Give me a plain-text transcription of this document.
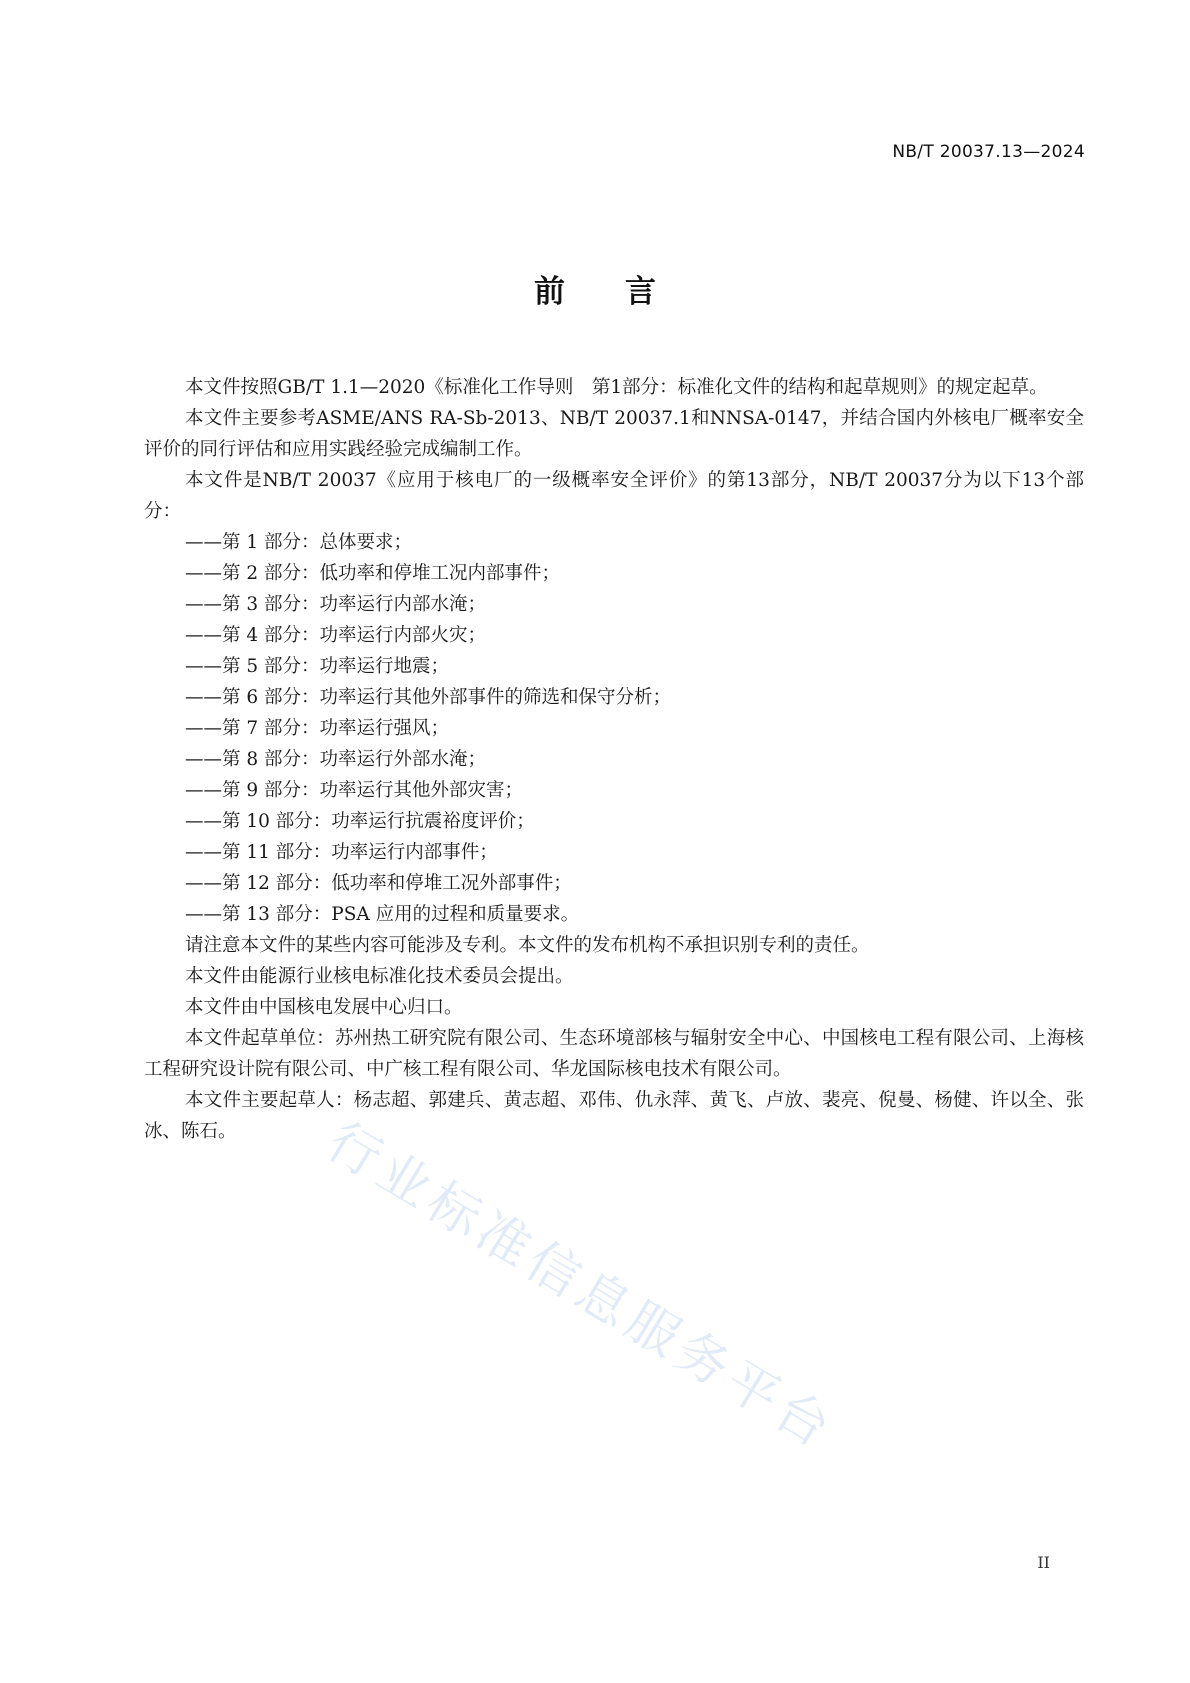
NB/T 20037.13—2024
前言

本文件按照GB/T 1.1—2020《标准化工作导则　第1部分：标准化文件的结构和起草规则》的规定起草。

本文件主要参考ASME/ANS RA-Sb-2013、NB/T 20037.1和NNSA-0147，并结合国内外核电厂概率安全评价的同行评估和应用实践经验完成编制工作。

本文件是NB/T 20037《应用于核电厂的一级概率安全评价》的第13部分，NB/T 20037分为以下13个部分：

——第 1 部分：总体要求；

——第 2 部分：低功率和停堆工况内部事件；

——第 3 部分：功率运行内部水淹；

——第 4 部分：功率运行内部火灾；

——第 5 部分：功率运行地震；

——第 6 部分：功率运行其他外部事件的筛选和保守分析；

——第 7 部分：功率运行强风；

——第 8 部分：功率运行外部水淹；

——第 9 部分：功率运行其他外部灾害；

——第 10 部分：功率运行抗震裕度评价；

——第 11 部分：功率运行内部事件；

——第 12 部分：低功率和停堆工况外部事件；

——第 13 部分：PSA 应用的过程和质量要求。

请注意本文件的某些内容可能涉及专利。本文件的发布机构不承担识别专利的责任。

本文件由能源行业核电标准化技术委员会提出。

本文件由中国核电发展中心归口。

本文件起草单位：苏州热工研究院有限公司、生态环境部核与辐射安全中心、中国核电工程有限公司、上海核工程研究设计院有限公司、中广核工程有限公司、华龙国际核电技术有限公司。

本文件主要起草人：杨志超、郭建兵、黄志超、邓伟、仇永萍、黄飞、卢放、裴亮、倪曼、杨健、许以全、张冰、陈石。	行业标准信息服务平台
II
